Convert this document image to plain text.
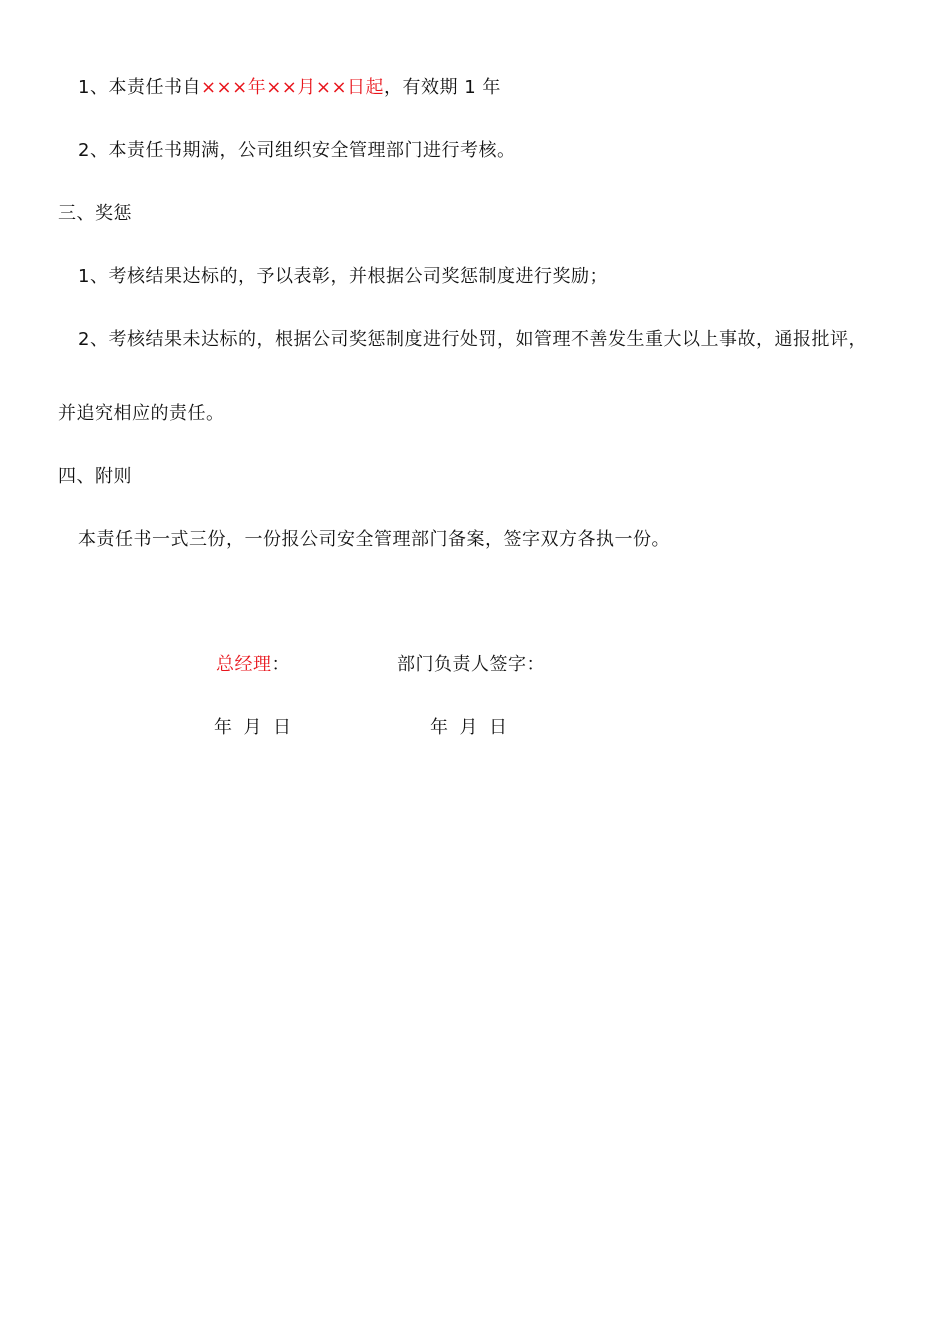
1、本责任书自×××年××月××日起，有效期 1 年
2、本责任书期满，公司组织安全管理部门进行考核。
三、奖惩
1、考核结果达标的，予以表彰，并根据公司奖惩制度进行奖励；
2、考核结果未达标的，根据公司奖惩制度进行处罚，如管理不善发生重大以上事故，通报批评，
并追究相应的责任。
四、附则
本责任书一式三份，一份报公司安全管理部门备案，签字双方各执一份。
总经理：	部门负责人签字：
年 月 日	年 月 日
